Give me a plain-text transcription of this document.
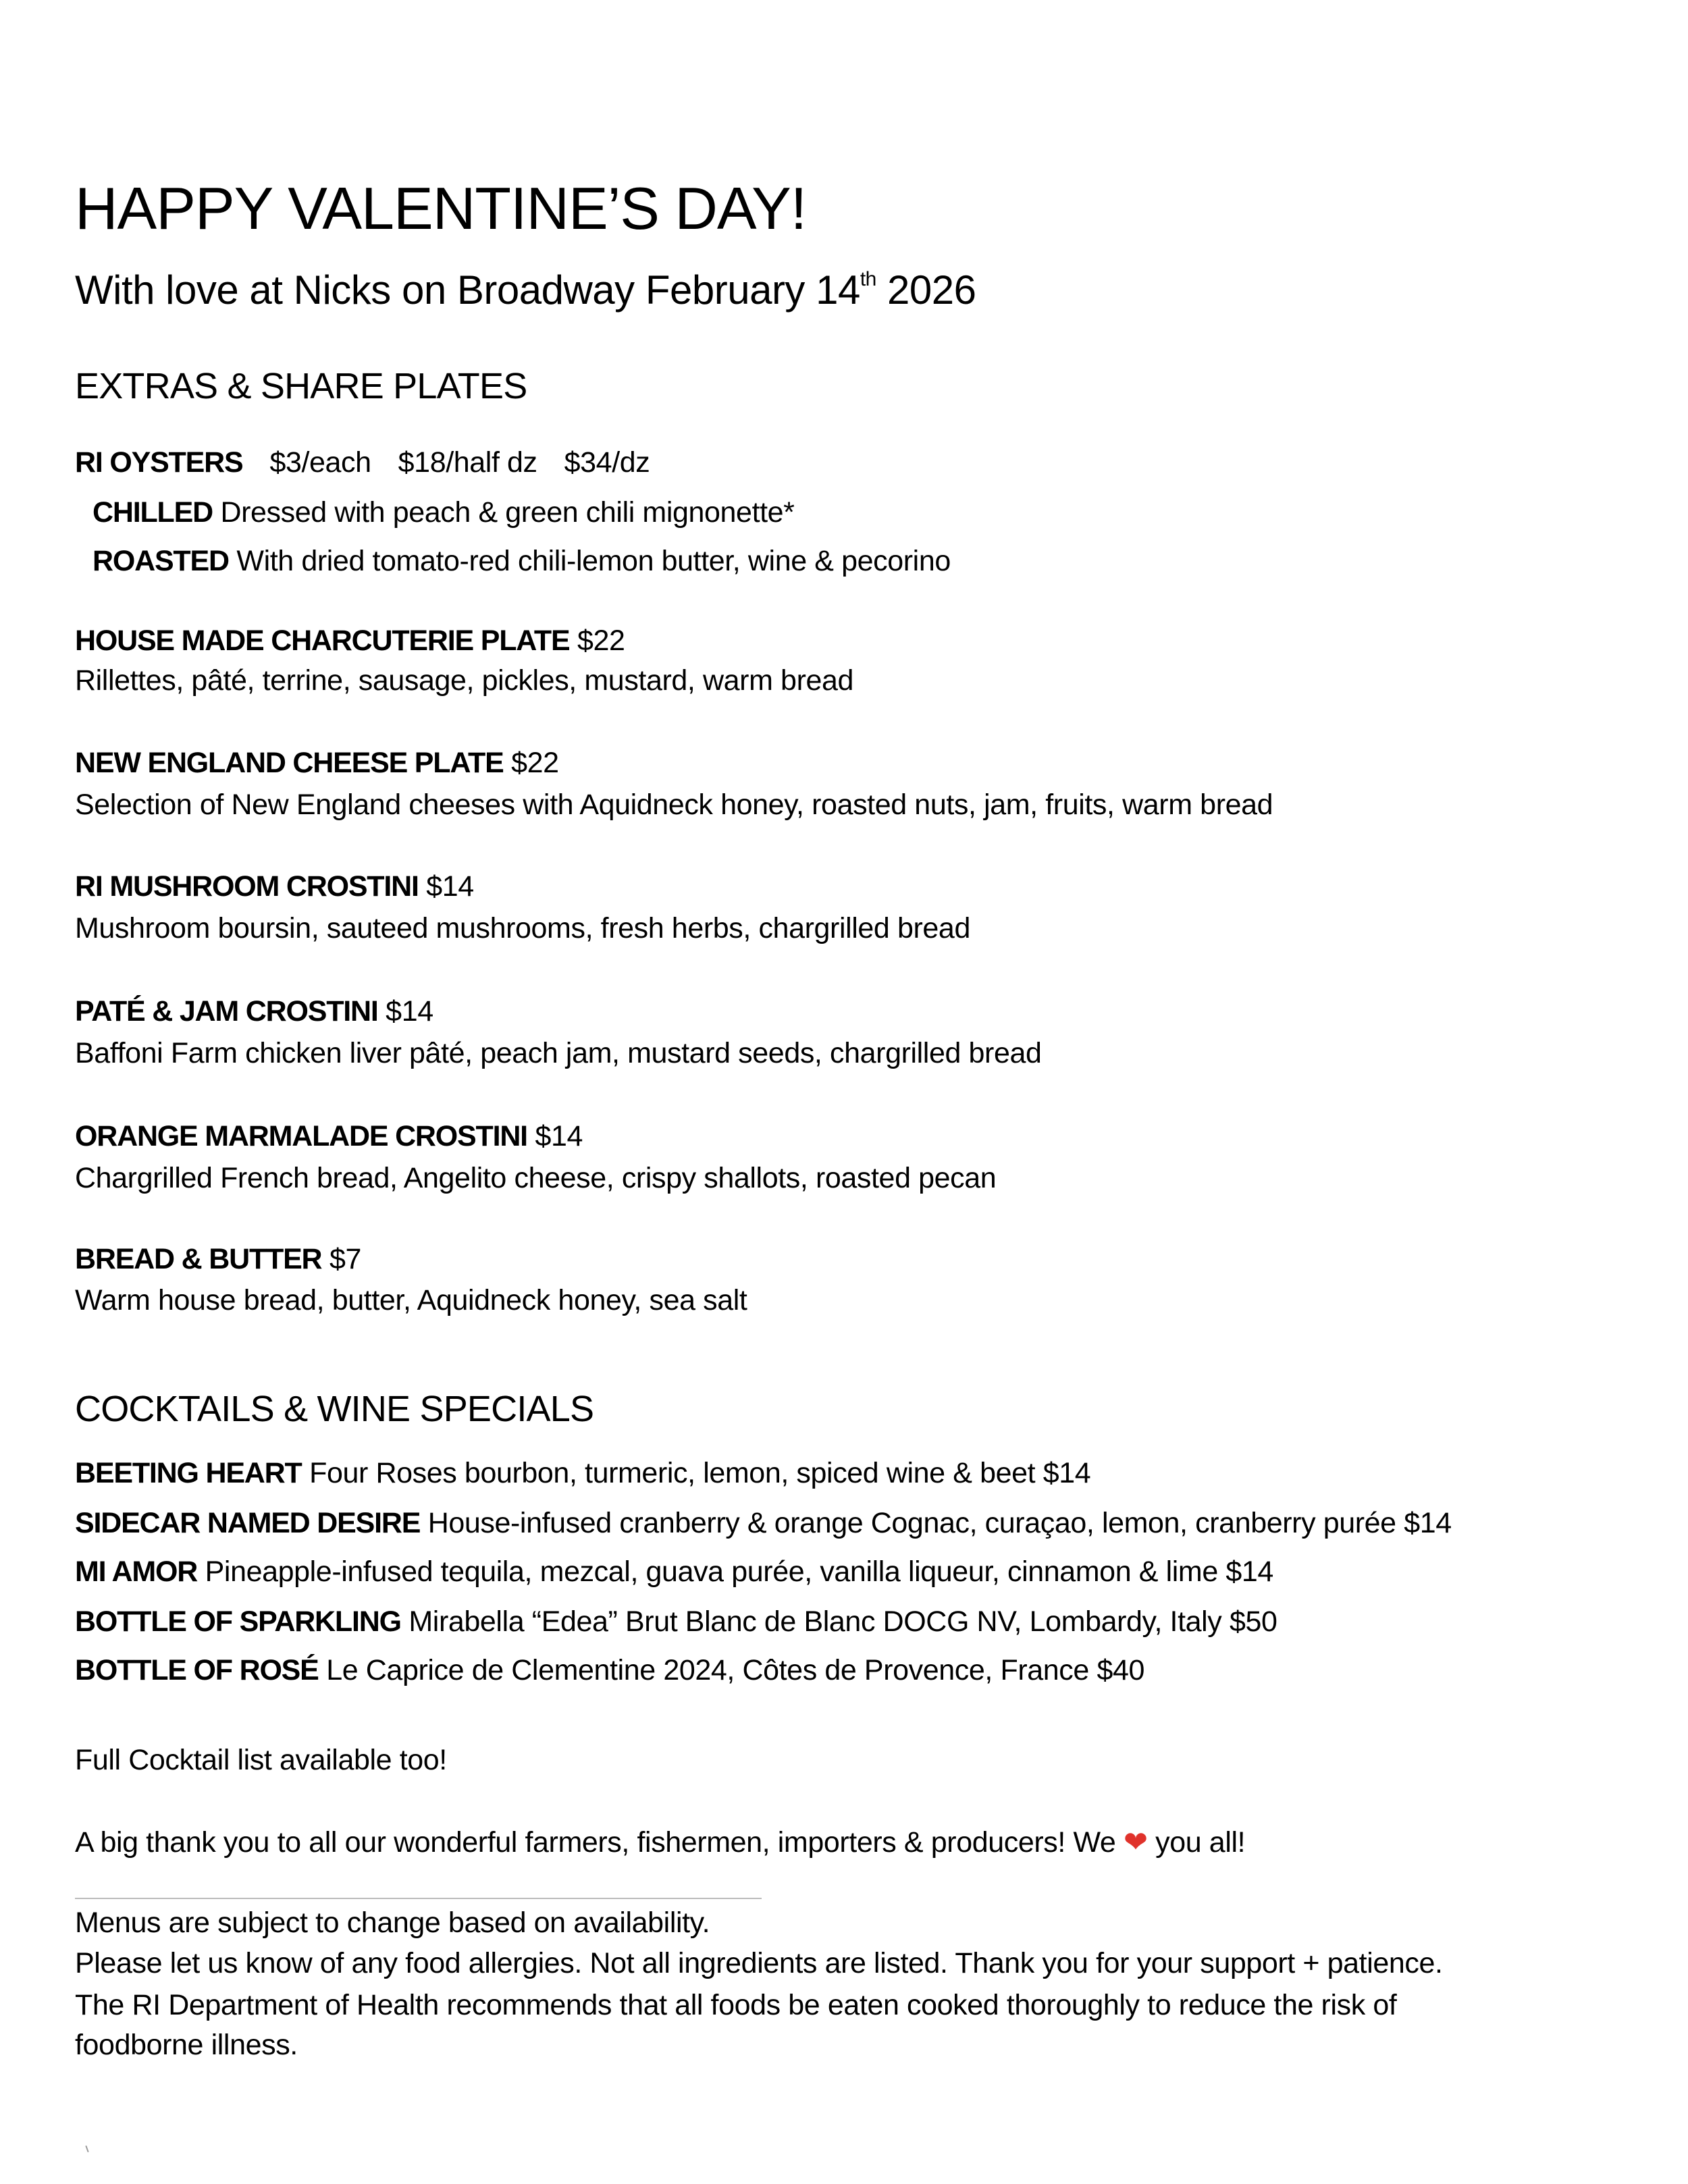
HAPPY VALENTINE’S DAY!
With love at Nicks on Broadway February 14th 2026
EXTRAS & SHARE PLATES
RI OYSTERS $3/each $18/half dz $34/dz
CHILLED Dressed with peach & green chili mignonette*
ROASTED With dried tomato-red chili-lemon butter, wine & pecorino
HOUSE MADE CHARCUTERIE PLATE $22
Rillettes, pâté, terrine, sausage, pickles, mustard, warm bread
NEW ENGLAND CHEESE PLATE $22
Selection of New England cheeses with Aquidneck honey, roasted nuts, jam, fruits, warm bread
RI MUSHROOM CROSTINI $14
Mushroom boursin, sauteed mushrooms, fresh herbs, chargrilled bread
PATÉ & JAM CROSTINI $14
Baffoni Farm chicken liver pâté, peach jam, mustard seeds, chargrilled bread
ORANGE MARMALADE CROSTINI $14
Chargrilled French bread, Angelito cheese, crispy shallots, roasted pecan
BREAD & BUTTER $7
Warm house bread, butter, Aquidneck honey, sea salt
COCKTAILS & WINE SPECIALS
BEETING HEART Four Roses bourbon, turmeric, lemon, spiced wine & beet $14
SIDECAR NAMED DESIRE House-infused cranberry & orange Cognac, curaçao, lemon, cranberry purée $14
MI AMOR Pineapple-infused tequila, mezcal, guava purée, vanilla liqueur, cinnamon & lime $14
BOTTLE OF SPARKLING Mirabella “Edea” Brut Blanc de Blanc DOCG NV, Lombardy, Italy $50
BOTTLE OF ROSÉ Le Caprice de Clementine 2024, Côtes de Provence, France $40
Full Cocktail list available too!
A big thank you to all our wonderful farmers, fishermen, importers & producers! We ❤ you all!
Menus are subject to change based on availability.
Please let us know of any food allergies. Not all ingredients are listed. Thank you for your support + patience.
The RI Department of Health recommends that all foods be eaten cooked thoroughly to reduce the risk of
foodborne illness.
